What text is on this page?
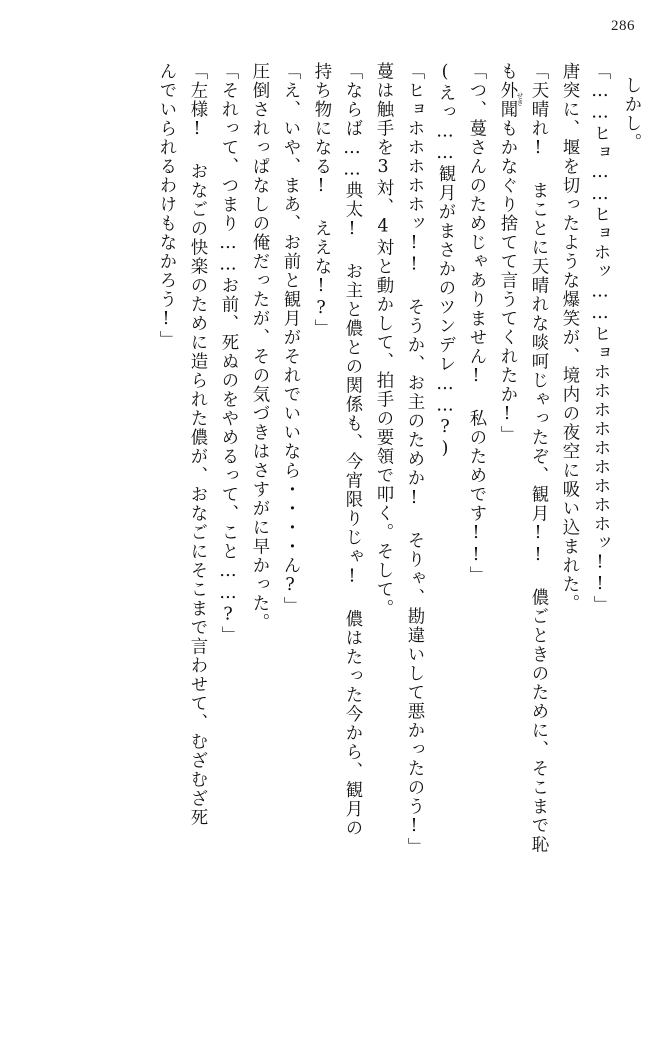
286
しかし。
「……ヒョ……ヒョホッ……ヒョホホホホホホホホホッ!!」
唐突に、堰を切ったような爆笑が、境内の夜空に吸い込まれた。
「天晴れ! まことに天晴れな啖呵じゃったぞ、観月!! 儂ごときのために、そこまで恥
も外聞もかなぐり捨てて言うてくれたか!」
「つ、蔓さんのためじゃありません! 私のためです!!」
(えっ……観月がまさかのツンデレ……?)
「ヒョホホホホホッ!! そうか、お主のためか! そりゃ、勘違いして悪かったのう!」
蔓は触手を3対、4対と動かして、拍手の要領で叩く。そして。
「ならば……典太! お主と儂との関係も、今宵限りじゃ! 儂はたった今から、観月の
持ち物になる! ええな!?」
「え、いや、まあ、お前と観月がそれでいいなら・・・・ん?」
圧倒されっぱなしの俺だったが、その気づきはさすがに早かった。
「それって、つまり……お前、死ぬのをやめるって、こと……?」
「左様! おなごの快楽のために造られた儂が、おなごにそこまで言わせて、むざむざ死
んでいられるわけもなかろう!」	せき
